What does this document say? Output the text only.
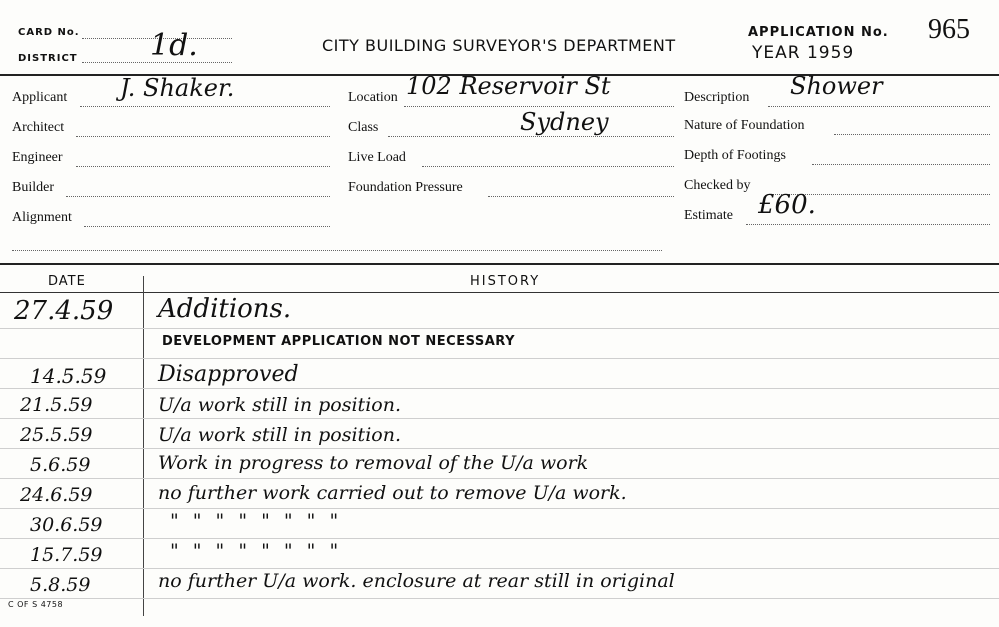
CARD No.
DISTRICT 1d.	CITY BUILDING SURVEYOR'S DEPARTMENT
APPLICATION No. 965
YEAR 1959
Applicant J. Shaker.
Architect
Engineer
Builder
Alignment
Location 102 Reservoir St
Class	Sydney
Live Load
Foundation Pressure
Description Shower
Nature of Foundation
Depth of Footings
Checked by
Estimate £60.
DATE	HISTORY
27.4.59 Additions.
DEVELOPMENT APPLICATION NOT NECESSARY
14.5.59 Disapproved
21.5.59	U/a work still in position.
25.5.59	U/a work still in position.
5.6.59	Work in progress to removal of the U/a work
24.6.59	no further work carried out to remove U/a work.
30.6.59	" " " " " " " "
15.7.59	" " " " " " " "
5.8.59	no further U/a work. enclosure at rear still in original
C OF S 4758
